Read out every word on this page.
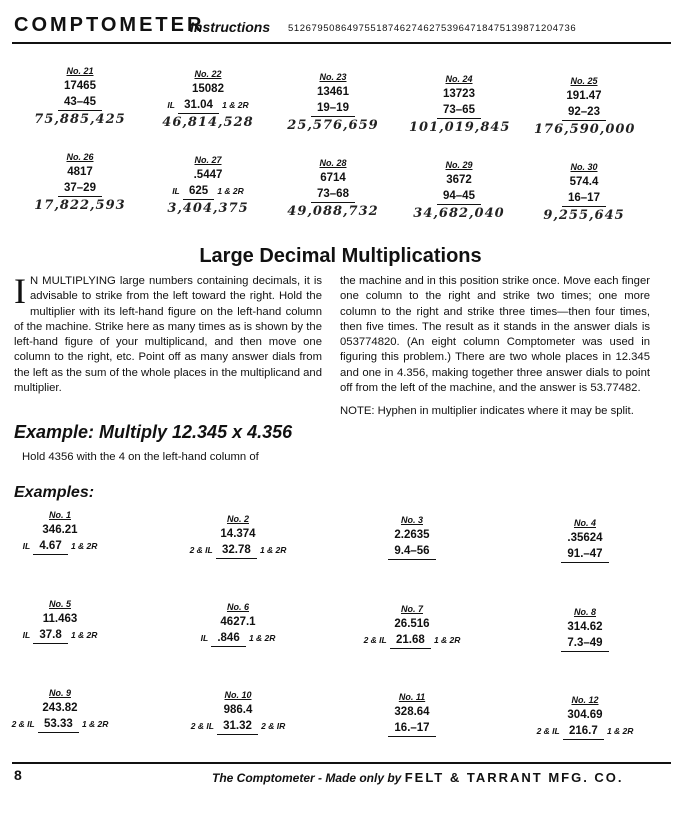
COMPTOMETER
Instructions 5126795086497551874627462753964718475139871204736
No. 21
17465
43–45
75,885,425
No. 22
15082
IL 31.04 1 & 2R
46,814,528
No. 23
13461
19–19
25,576,659
No. 24
13723
73–65
101,019,845
No. 25
191.47
92–23
176,590,000
No. 26
4817
37–29
17,822,593
No. 27
.5447
IL 625 1 & 2R
3,404,375
No. 28
6714
73–68
49,088,732
No. 29
3672
94–45
34,682,040
No. 30
574.4
16–17
9,255,645
Large Decimal Multiplications
I N MULTIPLYING large numbers containing decimals, it is advisable to strike from the left toward the right. Hold the multiplier with its left-hand figure on the left-hand column of the machine. Strike here as many times as is shown by the left-hand figure of your multiplicand, and then move one column to the right, etc. Point off as many answer dials from the left as the sum of the whole places in the multiplicand and multiplier.
Example: Multiply 12.345 x 4.356
Hold 4356 with the 4 on the left-hand column of
the machine and in this position strike once. Move each finger one column to the right and strike two times; one more column to the right and strike three times—then four times, then five times. The result as it stands in the answer dials is 053774820. (An eight column Comptometer was used in figuring this problem.) There are two whole places in 12.345 and one in 4.356, making together three answer dials to point off from the left of the machine, and the answer is 53.77482.
NOTE: Hyphen in multiplier indicates where it may be split.
Examples:
No. 1
346.21
IL 4.67 1 & 2R
No. 2
14.374
2 & IL 32.78 1 & 2R
No. 3
2.2635
9.4–56
No. 4
.35624
91.–47
No. 5
11.463
IL 37.8 1 & 2R
No. 6
4627.1
IL .846 1 & 2R
No. 7
26.516
2 & IL 21.68 1 & 2R
No. 8
314.62
7.3–49
No. 9
243.82
2 & IL 53.33 1 & 2R
No. 10
986.4
2 & IL 31.32 2 & IR
No. 11
328.64
16.–17
No. 12
304.69
2 & IL 216.7 1 & 2R
8	The Comptometer - Made only by FELT & TARRANT MFG. CO.
